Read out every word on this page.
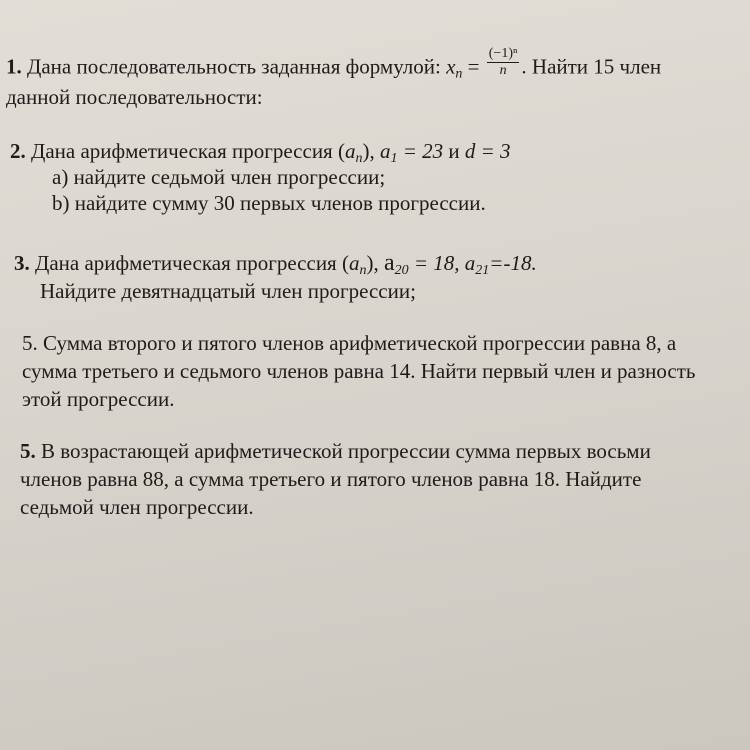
1. Дана последовательность заданная формулой: $x_n = \frac{\text{(−1)ⁿ}}{n}$ . Найти 15 член
данной последовательности:
2. Дана арифметическая прогрессия $(a_n)$, $a_1 = 23$ и d = 3
а) найдите седьмой член прогрессии;
b) найдите сумму 30 первых членов прогрессии.
3. Дана арифметическая прогрессия $(a_n)$, $a_{20} = 18$, $a_{21}=-18$.
Найдите девятнадцатый член прогрессии;
5. Сумма второго и пятого членов арифметической прогрессии равна 8, а
сумма третьего и седьмого членов равна 14. Найти первый член и разность
этой прогрессии.
5. В возрастающей арифметической прогрессии сумма первых восьми
членов равна 88, а сумма третьего и пятого членов равна 18. Найдите
седьмой член прогрессии.
